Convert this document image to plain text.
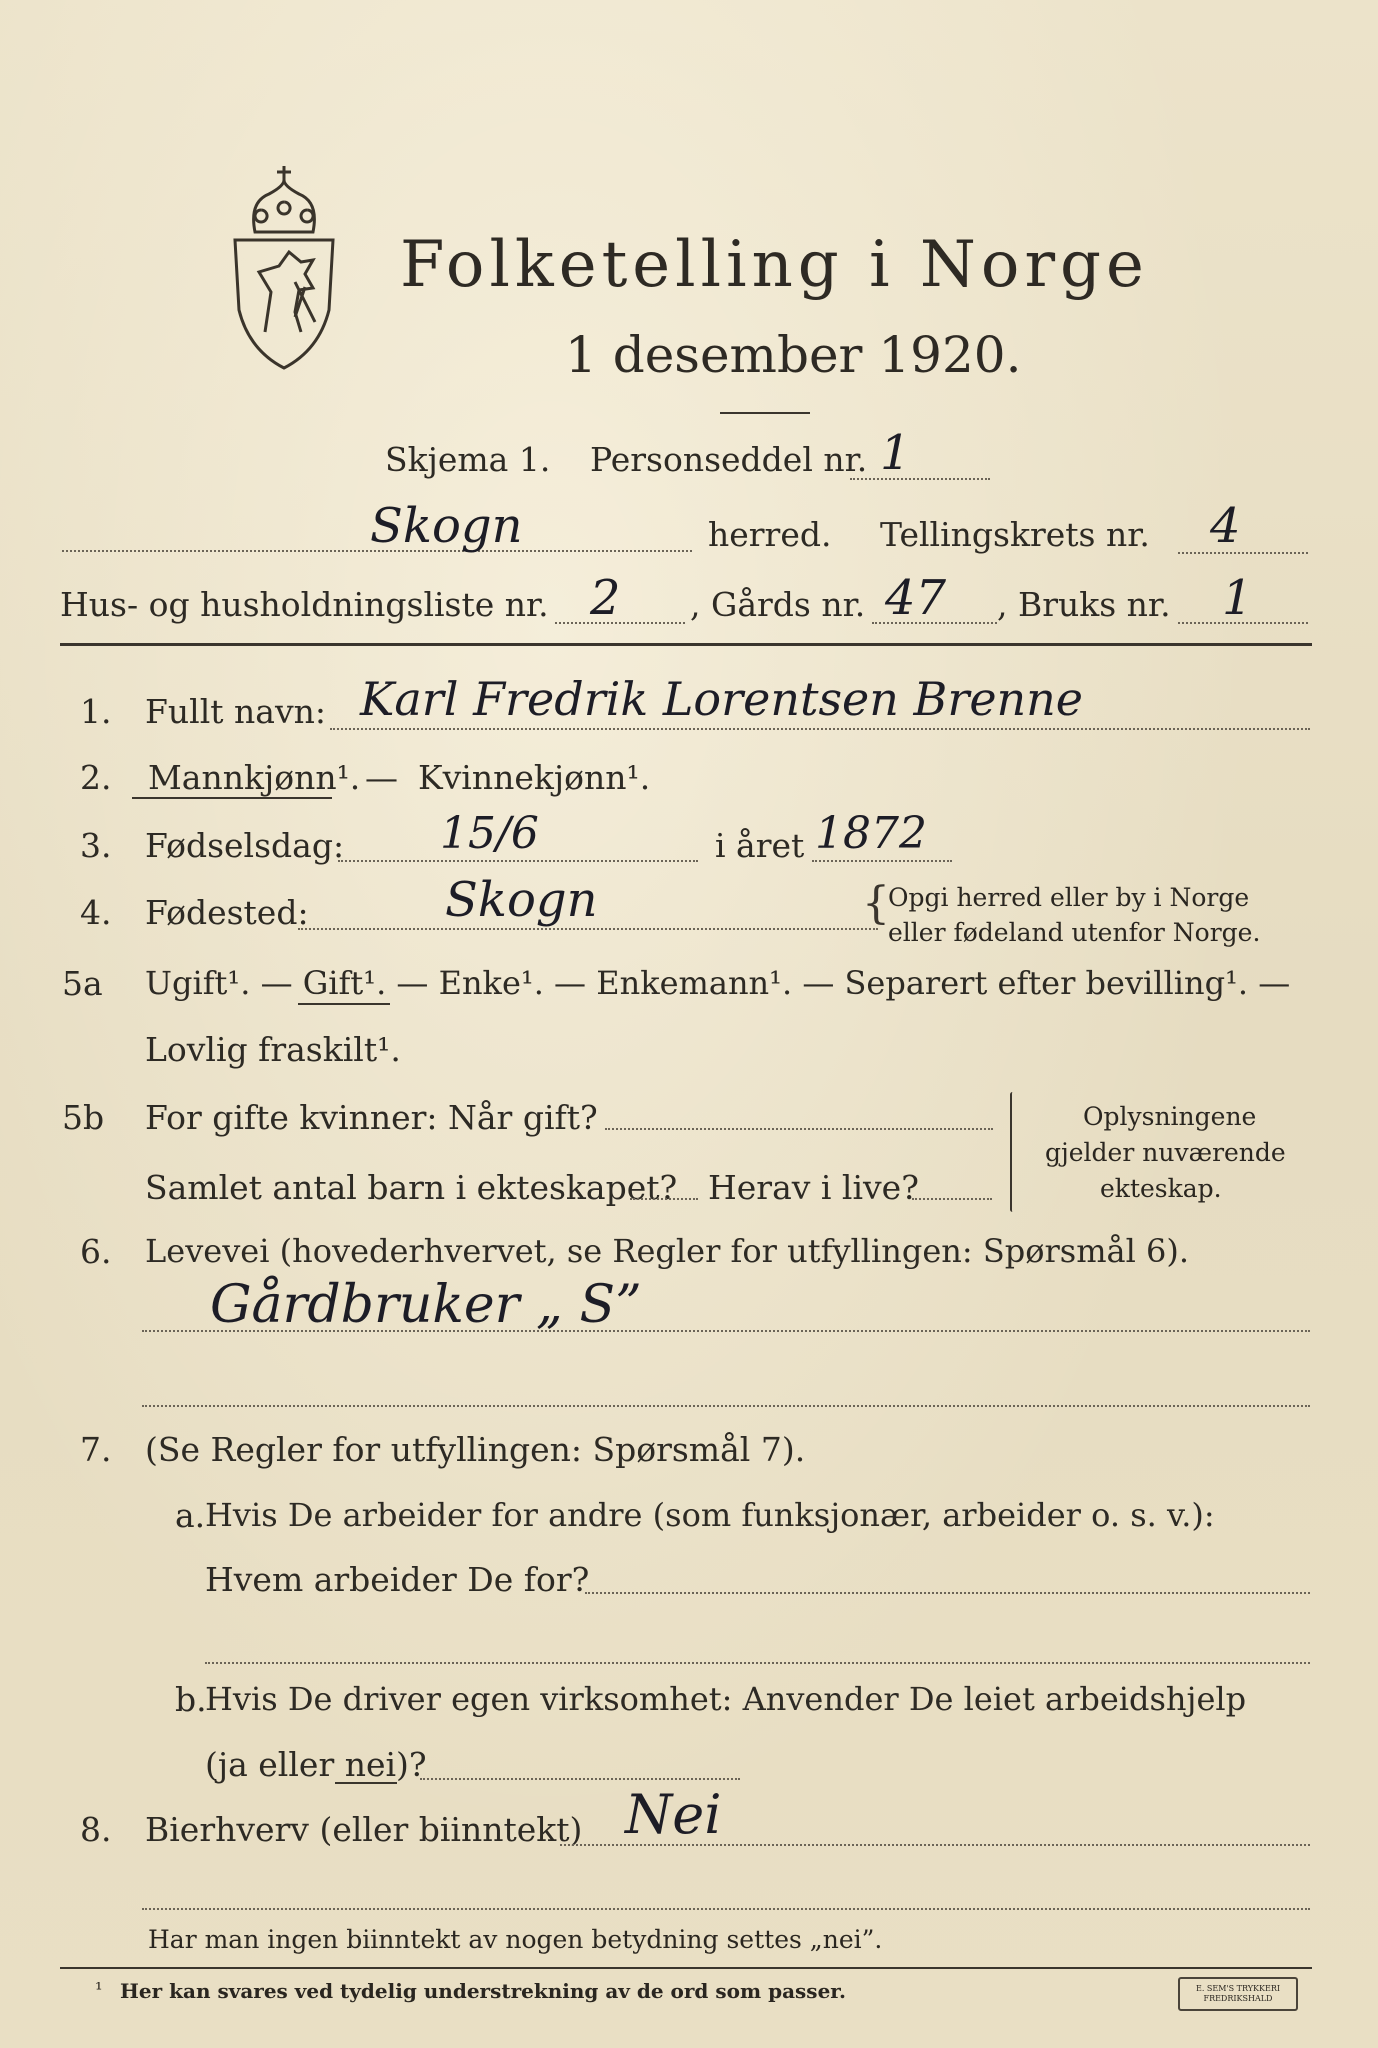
Folketelling i Norge
1 desember 1920.
Skjema 1. Personseddel nr. 1
Skogn	herred. Tellingskrets nr. 4
Hus- og husholdningsliste nr. 2 , Gårds nr. 47 , Bruks nr. 1
1. Fullt navn: Karl Fredrik Lorentsen Brenne
2. Mannkjønn¹. — Kvinnekjønn¹.
3. Fødselsdag: 15/6	i året 1872
4. Fødested:	Skogn	{
Opgi herred eller by i Norge
eller fødeland utenfor Norge.
5a Ugift¹. — Gift¹. — Enke¹. — Enkemann¹. — Separert efter bevilling¹. —
Lovlig fraskilt¹.
5b For gifte kvinner: Når gift?
Samlet antal barn i ekteskapet? Herav i live?
Oplysningene
gjelder nuværende
ekteskap.
6. Levevei (hovederhvervet, se Regler for utfyllingen: Spørsmål 6).
Gårdbruker „ S”
7. (Se Regler for utfyllingen: Spørsmål 7).
a. Hvis De arbeider for andre (som funksjonær, arbeider o. s. v.):
Hvem arbeider De for?
b.
Hvis De driver egen virksomhet: Anvender De leiet arbeidshjelp
(ja eller nei)?
8. Bierhverv (eller biinntekt) Nei
Har man ingen biinntekt av nogen betydning settes „nei”.
¹ Her kan svares ved tydelig understrekning av de ord som passer.	E. SEM'S TRYKKERI
FREDRIKSHALD
